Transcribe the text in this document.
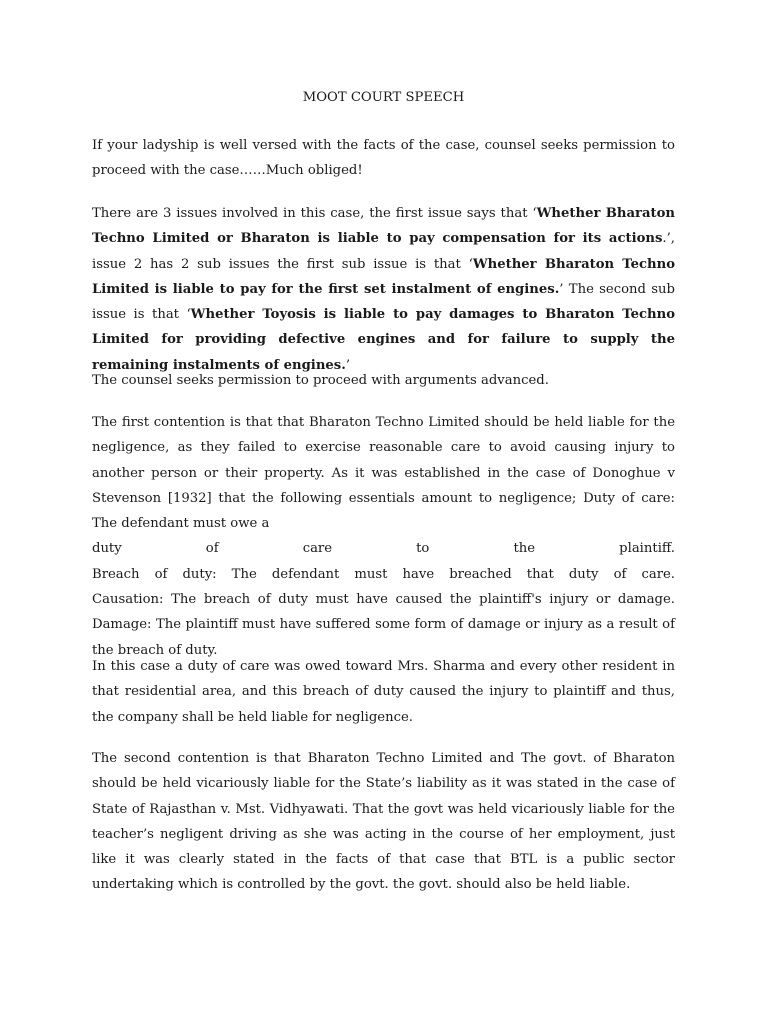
MOOT COURT SPEECH

If your ladyship is well versed with the facts of the case, counsel seeks permission to proceed with the case……Much obliged!

There are 3 issues involved in this case, the first issue says that ‘Whether Bharaton Techno Limited or Bharaton is liable to pay compensation for its actions.’, issue 2 has 2 sub issues the first sub issue is that ‘Whether Bharaton Techno Limited is liable to pay for the first set instalment of engines.’ The second sub issue is that ‘Whether Toyosis is liable to pay damages to Bharaton Techno Limited for providing defective engines and for failure to supply the remaining instalments of engines.’

The counsel seeks permission to proceed with arguments advanced.

The first contention is that that Bharaton Techno Limited should be held liable for the negligence, as they failed to exercise reasonable care to avoid causing injury to another person or their property. As it was established in the case of Donoghue v Stevenson [1932] that the following essentials amount to negligence; Duty of care: The defendant must owe a
duty of care to the plaintiff.
Breach of duty: The defendant must have breached that duty of care.
Causation: The breach of duty must have caused the plaintiff's injury or damage.
Damage: The plaintiff must have suffered some form of damage or injury as a result of the breach of duty.

In this case a duty of care was owed toward Mrs. Sharma and every other resident in that residential area, and this breach of duty caused the injury to plaintiff and thus, the company shall be held liable for negligence.

The second contention is that Bharaton Techno Limited and The govt. of Bharaton should be held vicariously liable for the State’s liability as it was stated in the case of State of Rajasthan v. Mst. Vidhyawati. That the govt was held vicariously liable for the teacher’s negligent driving as she was acting in the course of her employment, just like it was clearly stated in the facts of that case that BTL is a public sector undertaking which is controlled by the govt. the govt. should also be held liable.
